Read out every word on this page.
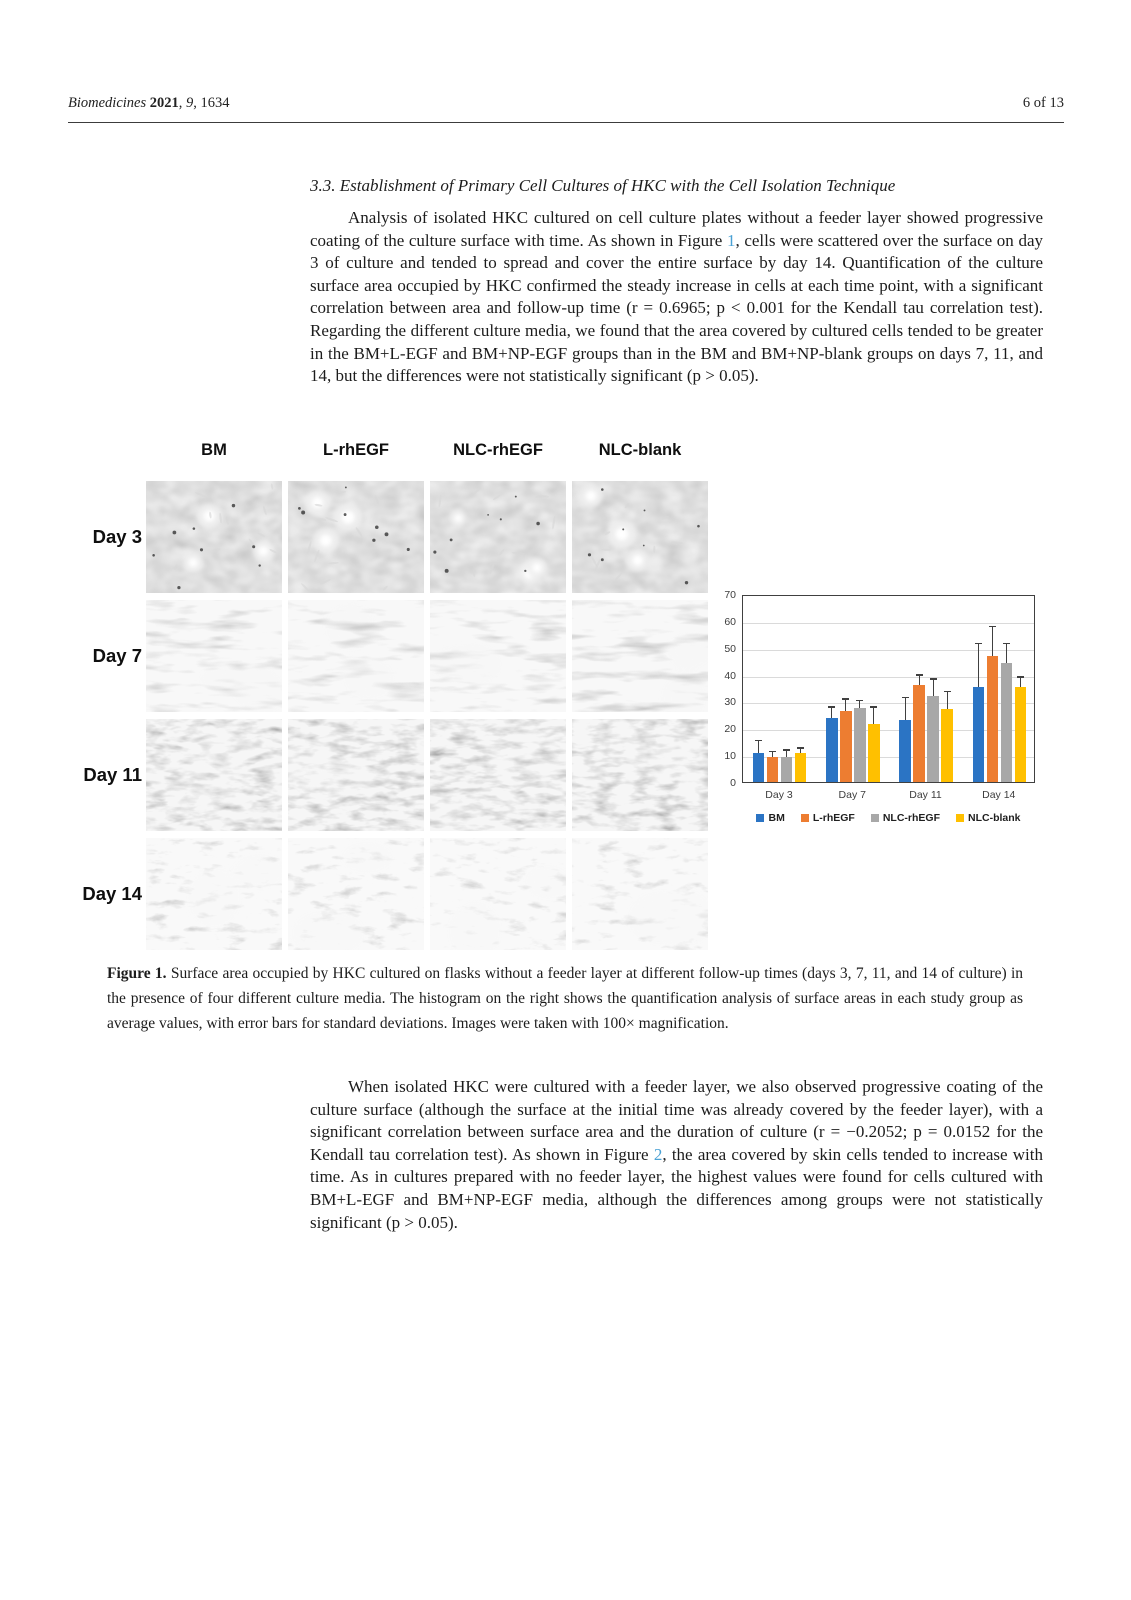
Biomedicines 2021, 9, 1634	6 of 13
3.3. Establishment of Primary Cell Cultures of HKC with the Cell Isolation Technique

Analysis of isolated HKC cultured on cell culture plates without a feeder layer showed progressive coating of the culture surface with time. As shown in Figure 1, cells were scattered over the surface on day 3 of culture and tended to spread and cover the entire surface by day 14. Quantification of the culture surface area occupied by HKC confirmed the steady increase in cells at each time point, with a significant correlation between area and follow-up time (r = 0.6965; p < 0.001 for the Kendall tau correlation test). Regarding the different culture media, we found that the area covered by cultured cells tended to be greater in the BM+L-EGF and BM+NP-EGF groups than in the BM and BM+NP-blank groups on days 7, 11, and 14, but the differences were not statistically significant (p > 0.05).

BM	L-rhEGF	NLC-rhEGF	NLC-blank
Day 3
Day 7
Day 11
Day 14
BM	L-rhEGF	NLC-rhEGF	NLC-blank
0
10
20
30
40
50
60
70
Day 3	Day 7	Day 11	Day 14

Figure 1. Surface area occupied by HKC cultured on flasks without a feeder layer at different follow-up times (days 3, 7, 11, and 14 of culture) in the presence of four different culture media. The histogram on the right shows the quantification analysis of surface areas in each study group as average values, with error bars for standard deviations. Images were taken with 100× magnification.

When isolated HKC were cultured with a feeder layer, we also observed progressive coating of the culture surface (although the surface at the initial time was already covered by the feeder layer), with a significant correlation between surface area and the duration of culture (r = −0.2052; p = 0.0152 for the Kendall tau correlation test). As shown in Figure 2, the area covered by skin cells tended to increase with time. As in cultures prepared with no feeder layer, the highest values were found for cells cultured with BM+L-EGF and BM+NP-EGF media, although the differences among groups were not statistically significant (p > 0.05).
